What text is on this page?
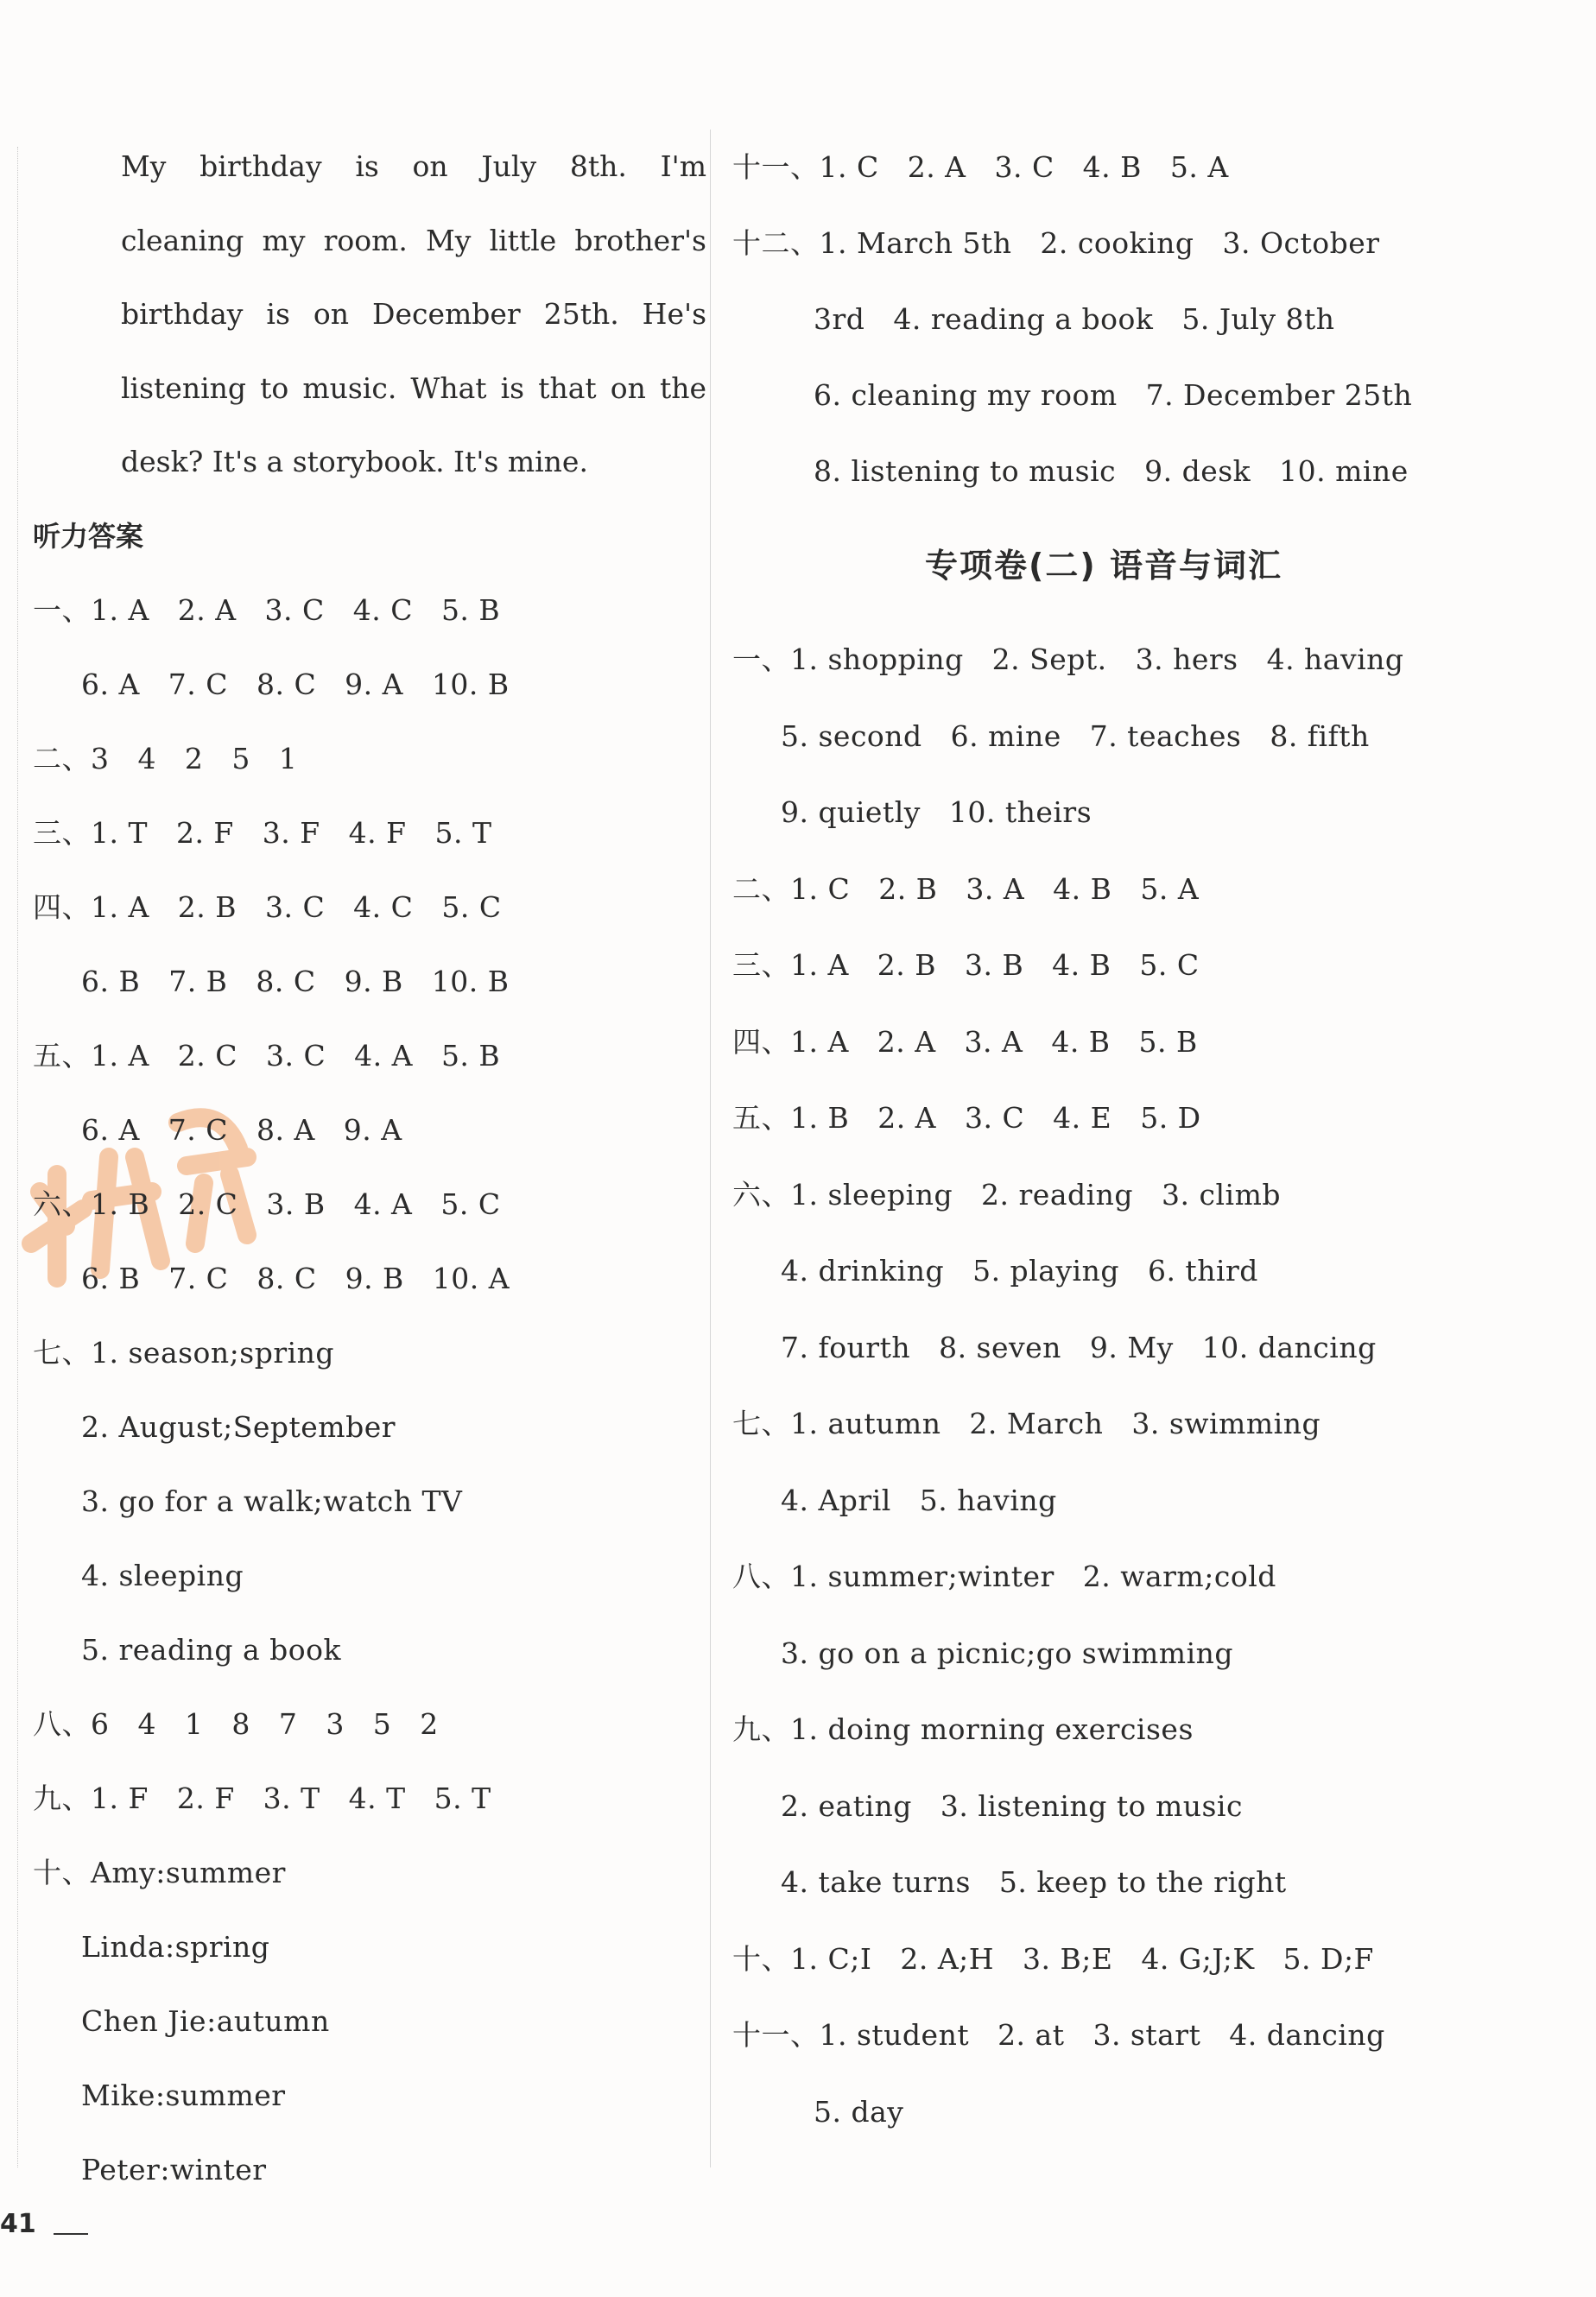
My birthday is on July 8th. I'm
cleaning my room. My little brother's
birthday is on December 25th. He's
listening to music. What is that on the
desk? It's a storybook. It's mine.
听力答案
一、1. A   2. A   3. C   4. C   5. B
6. A   7. C   8. C   9. A   10. B
二、3   4   2   5   1
三、1. T   2. F   3. F   4. F   5. T
四、1. A   2. B   3. C   4. C   5. C
6. B   7. B   8. C   9. B   10. B
五、1. A   2. C   3. C   4. A   5. B
6. A   7. C   8. A   9. A
六、1. B   2. C   3. B   4. A   5. C
6. B   7. C   8. C   9. B   10. A
七、1. season;spring
2. August;September
3. go for a walk;watch TV
4. sleeping
5. reading a book
八、6   4   1   8   7   3   5   2
九、1. F   2. F   3. T   4. T   5. T
十、Amy:summer
Linda:spring
Chen Jie:autumn
Mike:summer
Peter:winter
十一、1. C   2. A   3. C   4. B   5. A
十二、1. March 5th   2. cooking   3. October
3rd   4. reading a book   5. July 8th
6. cleaning my room   7. December 25th
8. listening to music   9. desk   10. mine
专项卷(二) 语音与词汇
一、1. shopping   2. Sept.   3. hers   4. having
5. second   6. mine   7. teaches   8. fifth
9. quietly   10. theirs
二、1. C   2. B   3. A   4. B   5. A
三、1. A   2. B   3. B   4. B   5. C
四、1. A   2. A   3. A   4. B   5. B
五、1. B   2. A   3. C   4. E   5. D
六、1. sleeping   2. reading   3. climb
4. drinking   5. playing   6. third
7. fourth   8. seven   9. My   10. dancing
七、1. autumn   2. March   3. swimming
4. April   5. having
八、1. summer;winter   2. warm;cold
3. go on a picnic;go swimming
九、1. doing morning exercises
2. eating   3. listening to music
4. take turns   5. keep to the right
十、1. C;I   2. A;H   3. B;E   4. G;J;K   5. D;F
十一、1. student   2. at   3. start   4. dancing
5. day
41
